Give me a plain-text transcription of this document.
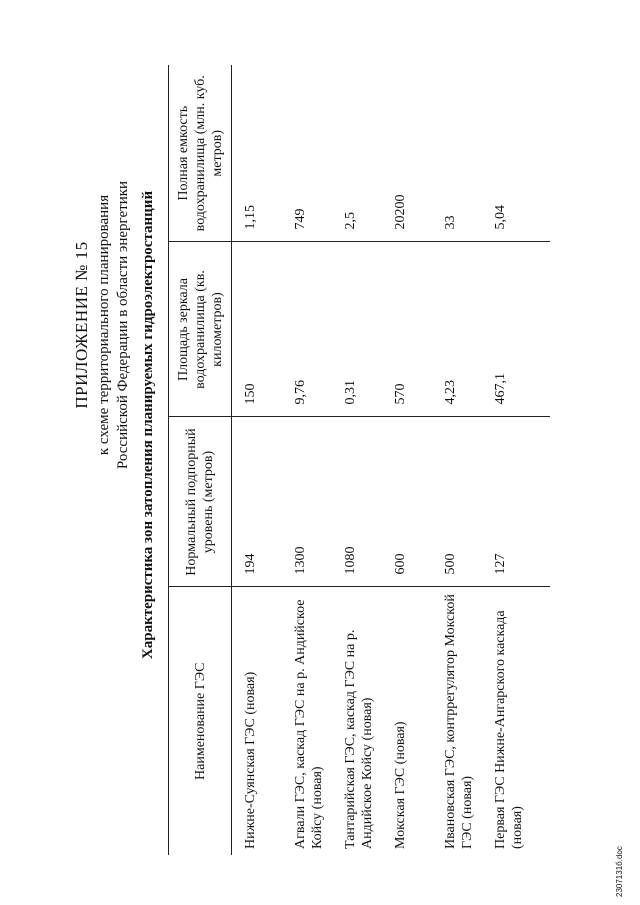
ПРИЛОЖЕНИЕ № 15 к схеме территориального планирования Российской Федерации в области энергетики Характеристика зон затопления планируемых гидроэлектростанций
Наименование ГЭС	Нормальный подпорный уровень (метров)	Площадь зеркала водохранилища (кв. километров)	Полная емкость водохранилища (млн. куб. метров)
Нижне-Суянская ГЭС (новая)	194	150	1,15
Агвали ГЭС, каскад ГЭС на р. Андийское Койсу (новая)	1300	9,76	749
Тантарийская ГЭС, каскад ГЭС на р. Андийское Койсу (новая)	1080	0,31	2,5
Мокская ГЭС (новая)	600	570	20200
Ивановская ГЭС, контррегулятор Мокской ГЭС (новая)	500	4,23	33
Первая ГЭС Нижне-Ангарского каскада (новая)	127	467,1	5,04
2307131б.doc
